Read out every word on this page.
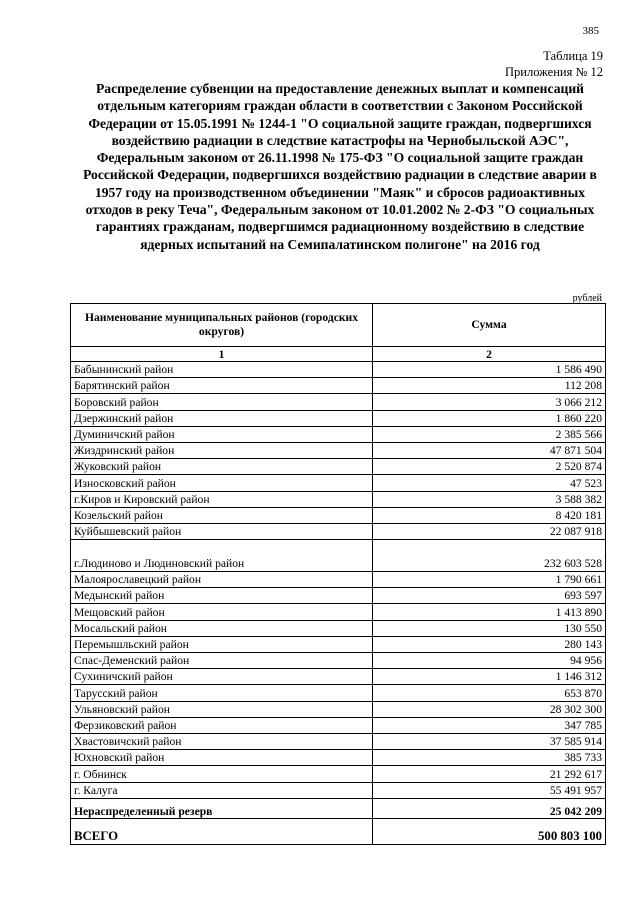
385
Таблица 19
Приложения № 12
Распределение субвенции на предоставление денежных выплат и компенсаций отдельным категориям граждан области в соответствии с Законом Российской Федерации от 15.05.1991 № 1244-1 "О социальной защите граждан, подвергшихся воздействию радиации в следствие катастрофы на Чернобыльской АЭС", Федеральным законом от 26.11.1998 № 175-ФЗ "О социальной защите граждан Российской Федерации, подвергшихся воздействию радиации в следствие аварии в 1957 году на производственном объединении "Маяк" и сбросов радиоактивных отходов в реку Теча", Федеральным законом от 10.01.2002 № 2-ФЗ "О социальных гарантиях гражданам, подвергшимся радиационному воздействию в следствие ядерных испытаний на Семипалатинском полигоне" на 2016 год
рублей
Наименование муниципальных районов (городских округов)	Сумма
1	2
Бабынинский район	1 586 490
Барятинский район	112 208
Боровский район	3 066 212
Дзержинский район	1 860 220
Думиничский район	2 385 566
Жиздринский район	47 871 504
Жуковский район	2 520 874
Износковский район	47 523
г.Киров и Кировский район	3 588 382
Козельский район	8 420 181
Куйбышевский район	22 087 918
г.Людиново и Людиновский район	232 603 528
Малоярославецкий район	1 790 661
Медынский район	693 597
Мещовский район	1 413 890
Мосальский район	130 550
Перемышльский район	280 143
Спас-Деменский район	94 956
Сухиничский район	1 146 312
Тарусский район	653 870
Ульяновский район	28 302 300
Ферзиковский район	347 785
Хвастовичский район	37 585 914
Юхновский район	385 733
г. Обнинск	21 292 617
г. Калуга	55 491 957
Нераспределенный резерв	25 042 209
ВСЕГО	500 803 100
